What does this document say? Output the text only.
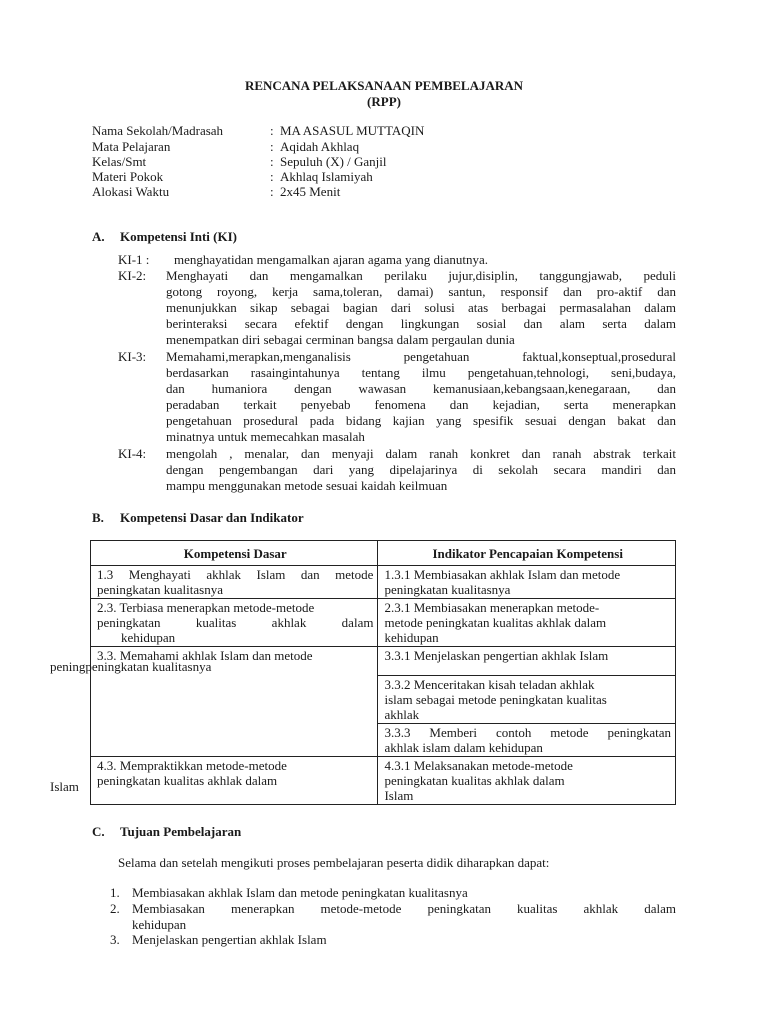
RENCANA PELAKSANAAN PEMBELAJARAN
(RPP)
Nama Sekolah/Madrasah	: MA ASASUL MUTTAQIN
Mata Pelajaran	: Aqidah Akhlaq
Kelas/Smt	: Sepuluh (X) / Ganjil
Materi Pokok	: Akhlaq Islamiyah
Alokasi Waktu	: 2x45 Menit
A. Kompetensi Inti (KI)
KI-1 : menghayatidan mengamalkan ajaran agama yang dianutnya.
KI-2: Menghayati dan mengamalkan perilaku jujur,disiplin, tanggungjawab, peduli
gotong royong, kerja sama,toleran, damai) santun, responsif dan pro-aktif dan
menunjukkan sikap sebagai bagian dari solusi atas berbagai permasalahan dalam
berinteraksi secara efektif dengan lingkungan sosial dan alam serta dalam
menempatkan diri sebagai cerminan bangsa dalam pergaulan dunia
KI-3: Memahami,merapkan,menganalisis pengetahuan faktual,konseptual,prosedural
berdasarkan rasaingintahunya tentang ilmu pengetahuan,tehnologi, seni,budaya,
dan humaniora dengan wawasan kemanusiaan,kebangsaan,kenegaraan, dan
peradaban terkait penyebab fenomena dan kejadian, serta menerapkan
pengetahuan prosedural pada bidang kajian yang spesifik sesuai dengan bakat dan
minatnya untuk memecahkan masalah
KI-4: mengolah , menalar, dan menyaji dalam ranah konkret dan ranah abstrak terkait
dengan pengembangan dari yang dipelajarinya di sekolah secara mandiri dan
mampu menggunakan metode sesuai kaidah keilmuan
B. Kompetensi Dasar dan Indikator
Kompetensi Dasar	Indikator Pencapaian Kompetensi

1.3 Menghayati akhlak Islam dan metode
peningkatan kualitasnya	1.3.1 Membiasakan akhlak Islam dan metode
peningkatan kualitasnya

2.3. Terbiasa menerapkan metode-metode
peningkatan kualitas akhlak dalam
kehidupan	2.3.1 Membiasakan menerapkan metode-
metode peningkatan kualitas akhlak dalam
kehidupan

3.3. Memahami akhlak Islam dan metode	3.3.1 Menjelaskan pengertian akhlak Islam

	3.3.2 Menceritakan kisah teladan akhlak
islam sebagai metode peningkatan kualitas
akhlak

	3.3.3 Memberi contoh metode peningkatan
akhlak islam dalam kehidupan

4.3. Mempraktikkan metode-metode
peningkatan kualitas akhlak dalam	4.3.1 Melaksanakan metode-metode
peningkatan kualitas akhlak dalam
Islam
peningpeningkatan kualitasnya
Islam
C. Tujuan Pembelajaran
Selama dan setelah mengikuti proses pembelajaran peserta didik diharapkan dapat:
1. Membiasakan akhlak Islam dan metode peningkatan kualitasnya
2. Membiasakan menerapkan metode-metode peningkatan kualitas akhlak dalam
kehidupan
3. Menjelaskan pengertian akhlak Islam
